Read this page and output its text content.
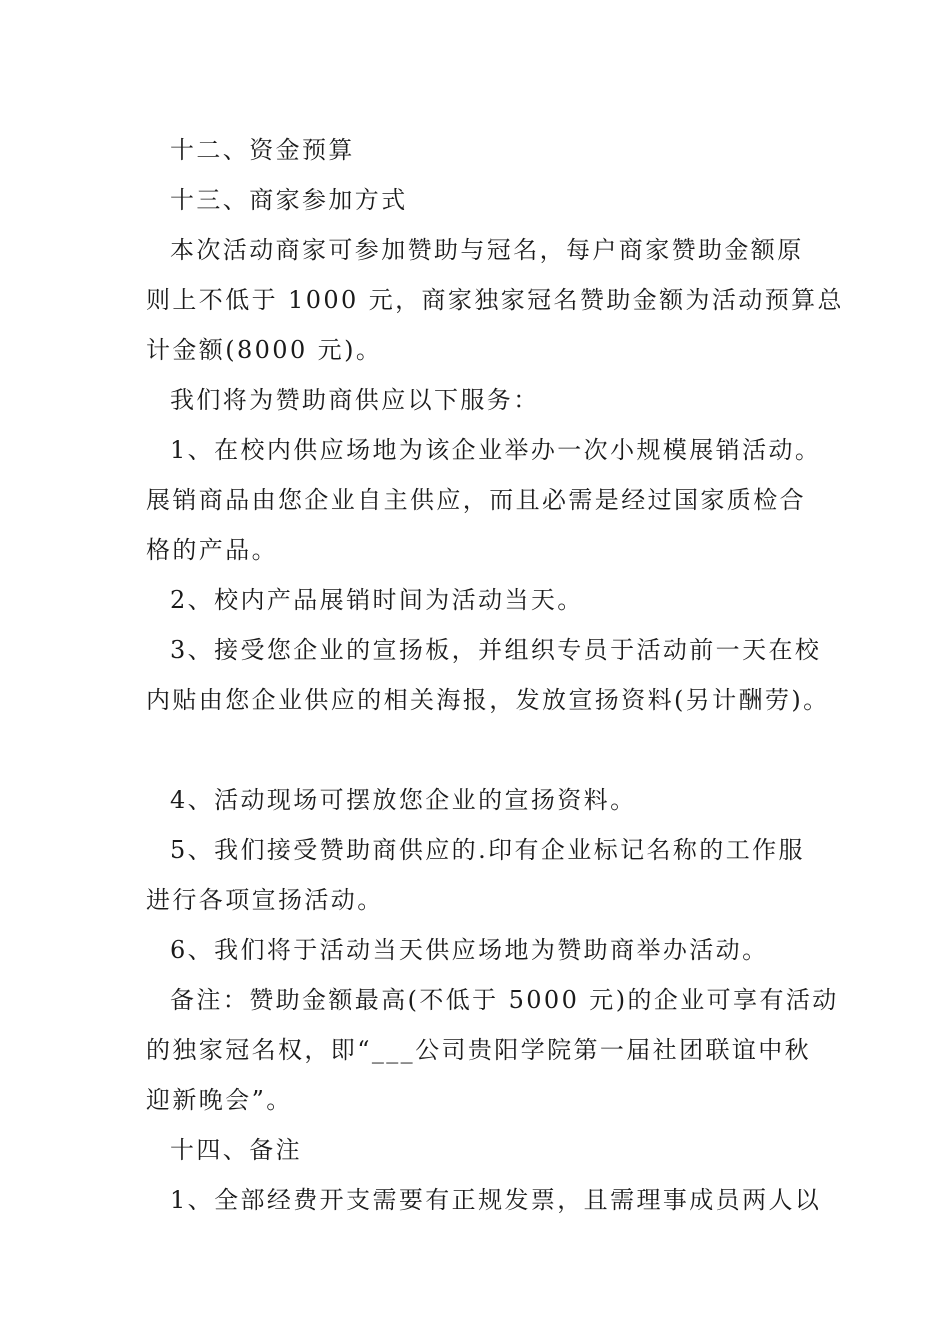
十二、资金预算

十三、商家参加方式

本次活动商家可参加赞助与冠名，每户商家赞助金额原

则上不低于 1000 元，商家独家冠名赞助金额为活动预算总

计金额(8000 元)。

我们将为赞助商供应以下服务：

1、在校内供应场地为该企业举办一次小规模展销活动。

展销商品由您企业自主供应，而且必需是经过国家质检合

格的产品。

2、校内产品展销时间为活动当天。

3、接受您企业的宣扬板，并组织专员于活动前一天在校

内贴由您企业供应的相关海报，发放宣扬资料(另计酬劳)。

4、活动现场可摆放您企业的宣扬资料。

5、我们接受赞助商供应的.印有企业标记名称的工作服

进行各项宣扬活动。

6、我们将于活动当天供应场地为赞助商举办活动。

备注：赞助金额最高(不低于 5000 元)的企业可享有活动

的独家冠名权，即“___公司贵阳学院第一届社团联谊中秋

迎新晚会”。

十四、备注

1、全部经费开支需要有正规发票，且需理事成员两人以
